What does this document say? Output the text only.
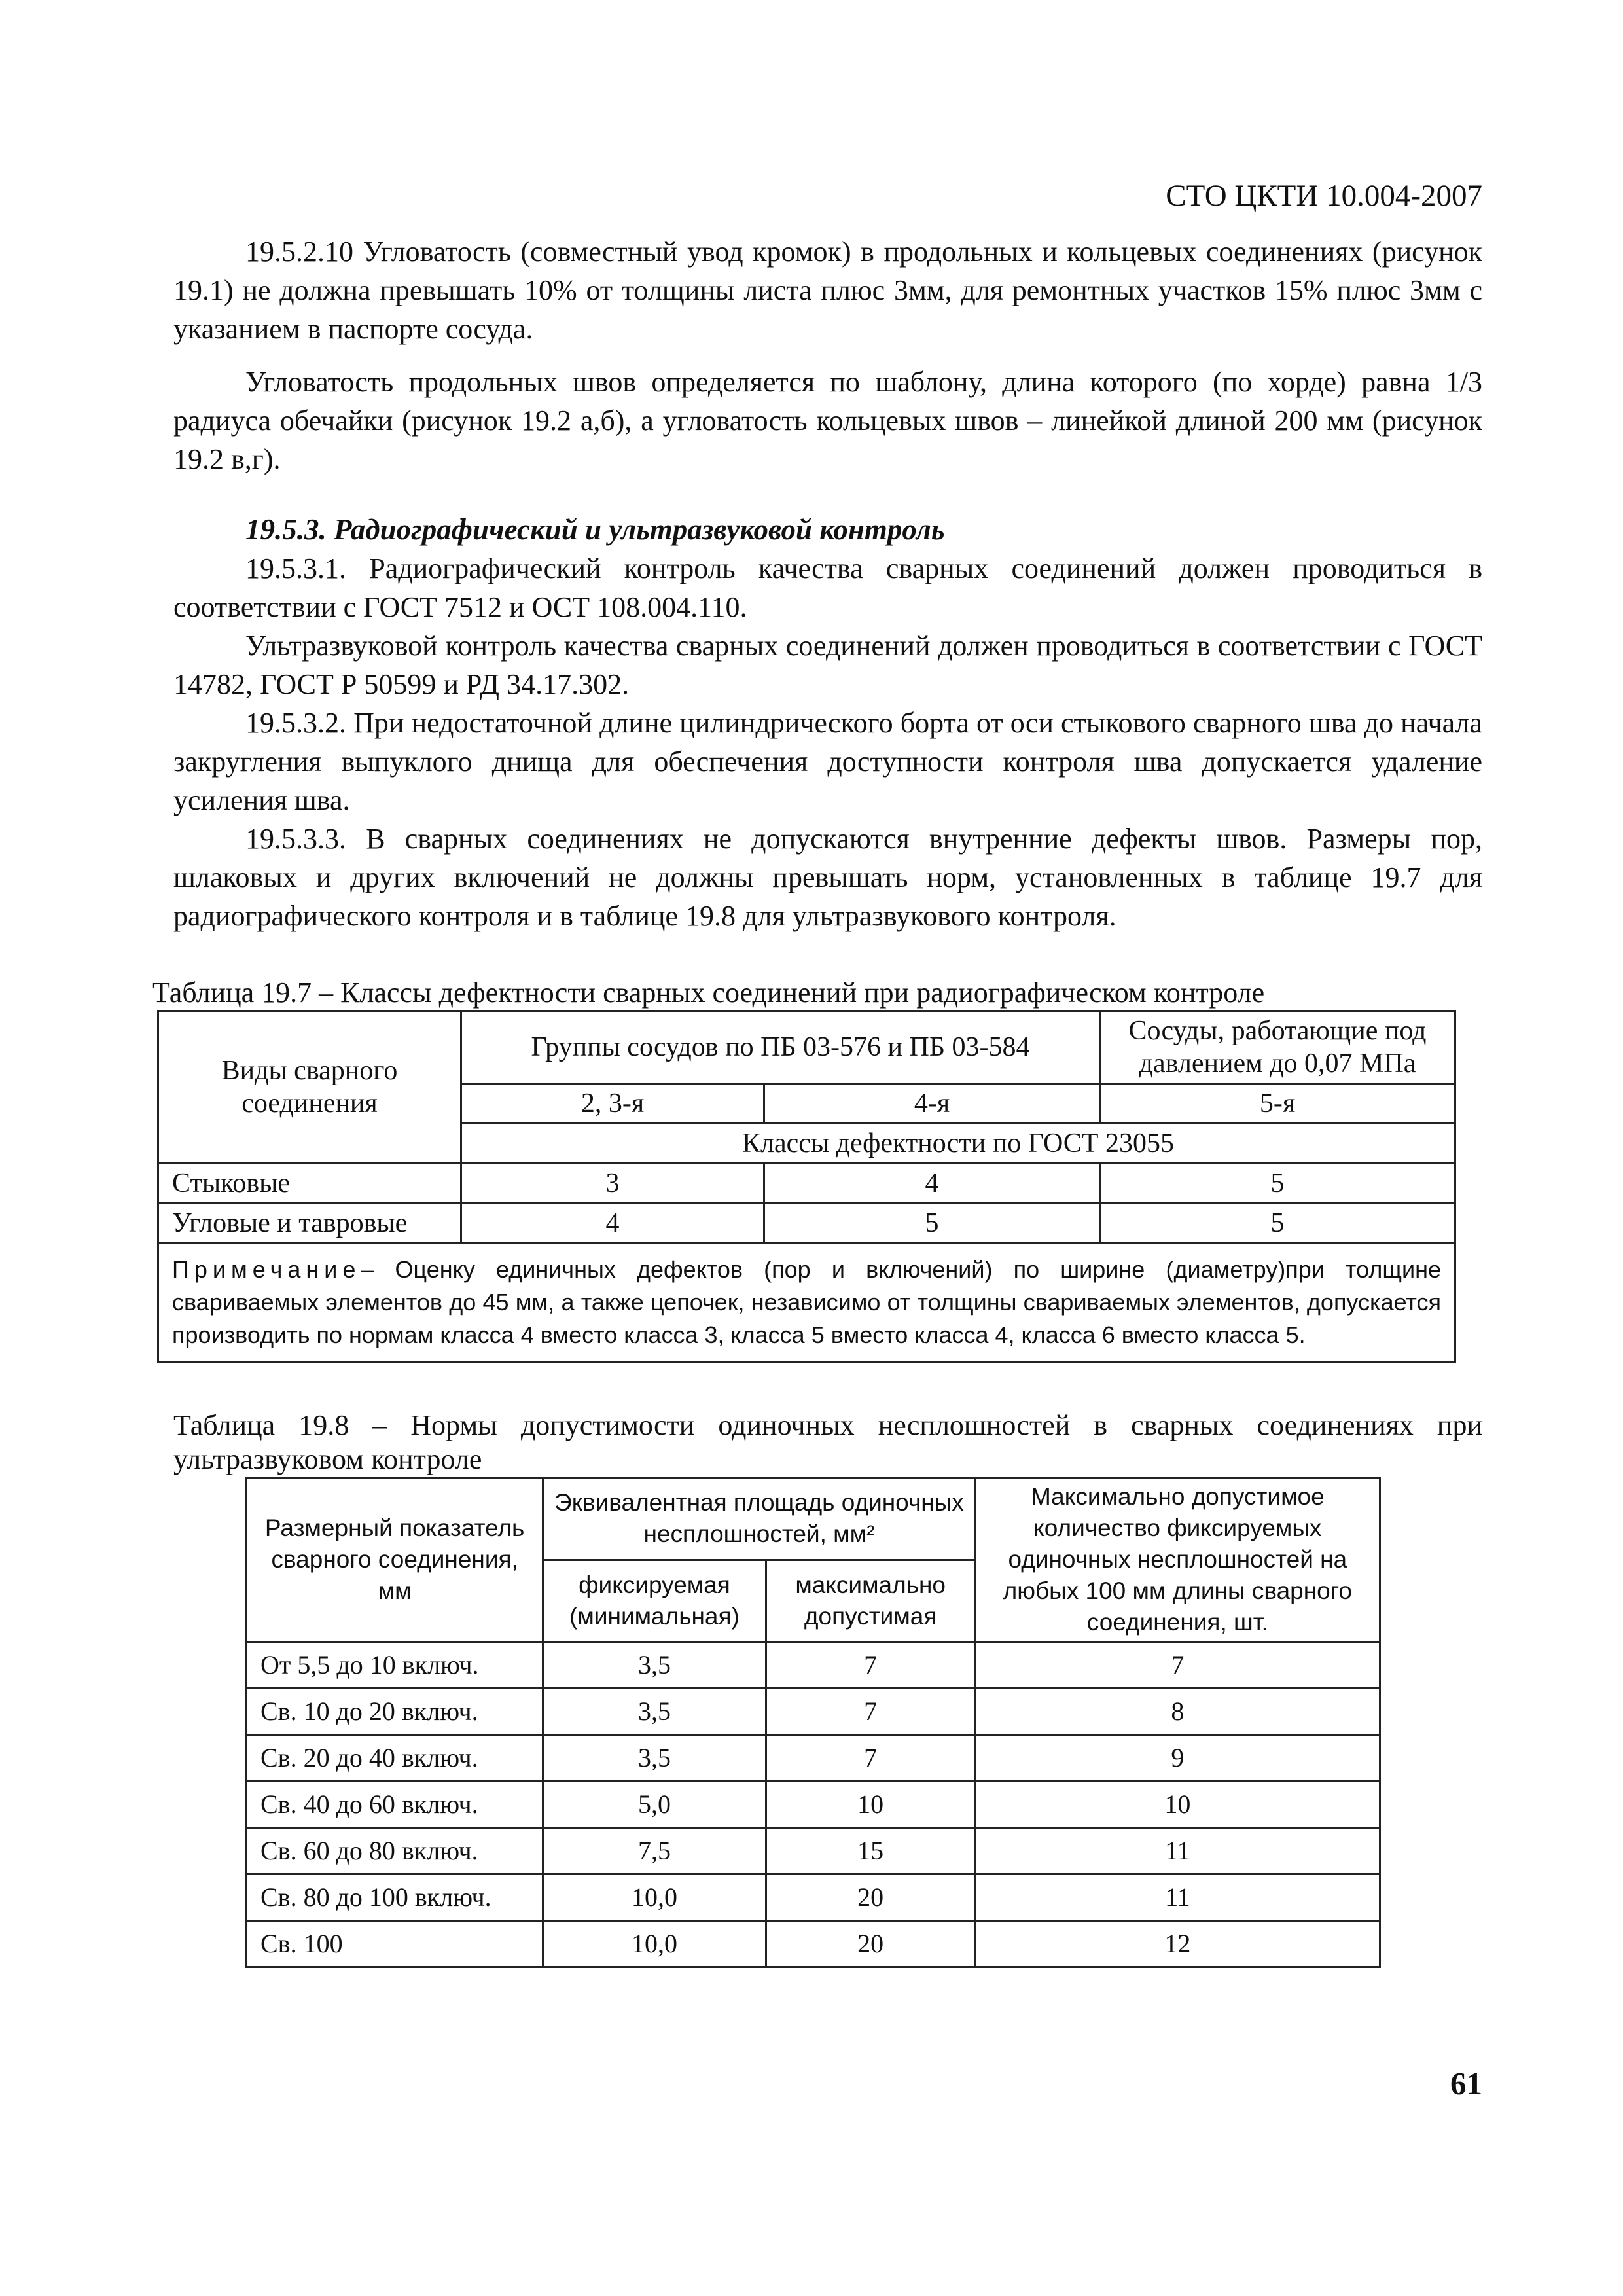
СТО ЦКТИ 10.004-2007

19.5.2.10 Угловатость (совместный увод кромок) в продольных и кольцевых соединениях (рисунок 19.1) не должна превышать 10% от толщины листа плюс 3мм, для ремонтных участков 15% плюс 3мм с указанием в паспорте сосуда.

Угловатость продольных швов определяется по шаблону, длина которого (по хорде) равна 1/3 радиуса обечайки (рисунок 19.2 а,б), а угловатость кольцевых швов – линейкой длиной 200 мм (рисунок 19.2 в,г).

19.5.3. Радиографический и ультразвуковой контроль

19.5.3.1. Радиографический контроль качества сварных соединений должен проводиться в соответствии с ГОСТ 7512 и ОСТ 108.004.110.

Ультразвуковой контроль качества сварных соединений должен проводиться в соответствии с ГОСТ 14782, ГОСТ Р 50599 и РД 34.17.302.

19.5.3.2. При недостаточной длине цилиндрического борта от оси стыкового сварного шва до начала закругления выпуклого днища для обеспечения доступности контроля шва допускается удаление усиления шва.

19.5.3.3. В сварных соединениях не допускаются внутренние дефекты швов. Размеры пор, шлаковых и других включений не должны превышать норм, установленных в таблице 19.7 для радиографического контроля и в таблице 19.8 для ультразвукового контроля.

Таблица 19.7 – Классы дефектности сварных соединений при радиографическом контроле

Виды сварного соединения	Группы сосудов по ПБ 03-576 и ПБ 03-584		Сосуды, работающие под давлением до 0,07 МПа
	2, 3-я	4-я	5-я
	Классы дефектности по ГОСТ 23055		
Стыковые	3	4	5
Угловые и тавровые	4	5	5
Примечание– Оценку единичных дефектов (пор и включений) по ширине (диаметру)при толщине свариваемых элементов до 45 мм, а также цепочек, независимо от толщины свариваемых элементов, допускается производить по нормам класса 4 вместо класса 3, класса 5 вместо класса 4, класса 6 вместо класса 5.			

Таблица 19.8 – Нормы допустимости одиночных несплошностей в сварных соединениях при ультразвуковом контроле

Размерный показатель сварного соединения, мм	Эквивалентная площадь одиночных несплошностей, мм²		Максимально допустимое количество фиксируемых одиночных несплошностей на любых 100 мм длины сварного соединения, шт.
	фиксируемая (минимальная)	максимально допустимая	
От 5,5 до 10 включ.	3,5	7	7
Св. 10 до 20 включ.	3,5	7	8
Св. 20 до 40 включ.	3,5	7	9
Св. 40 до 60 включ.	5,0	10	10
Св. 60 до 80 включ.	7,5	15	11
Св. 80 до 100 включ.	10,0	20	11
Св. 100	10,0	20	12
61
